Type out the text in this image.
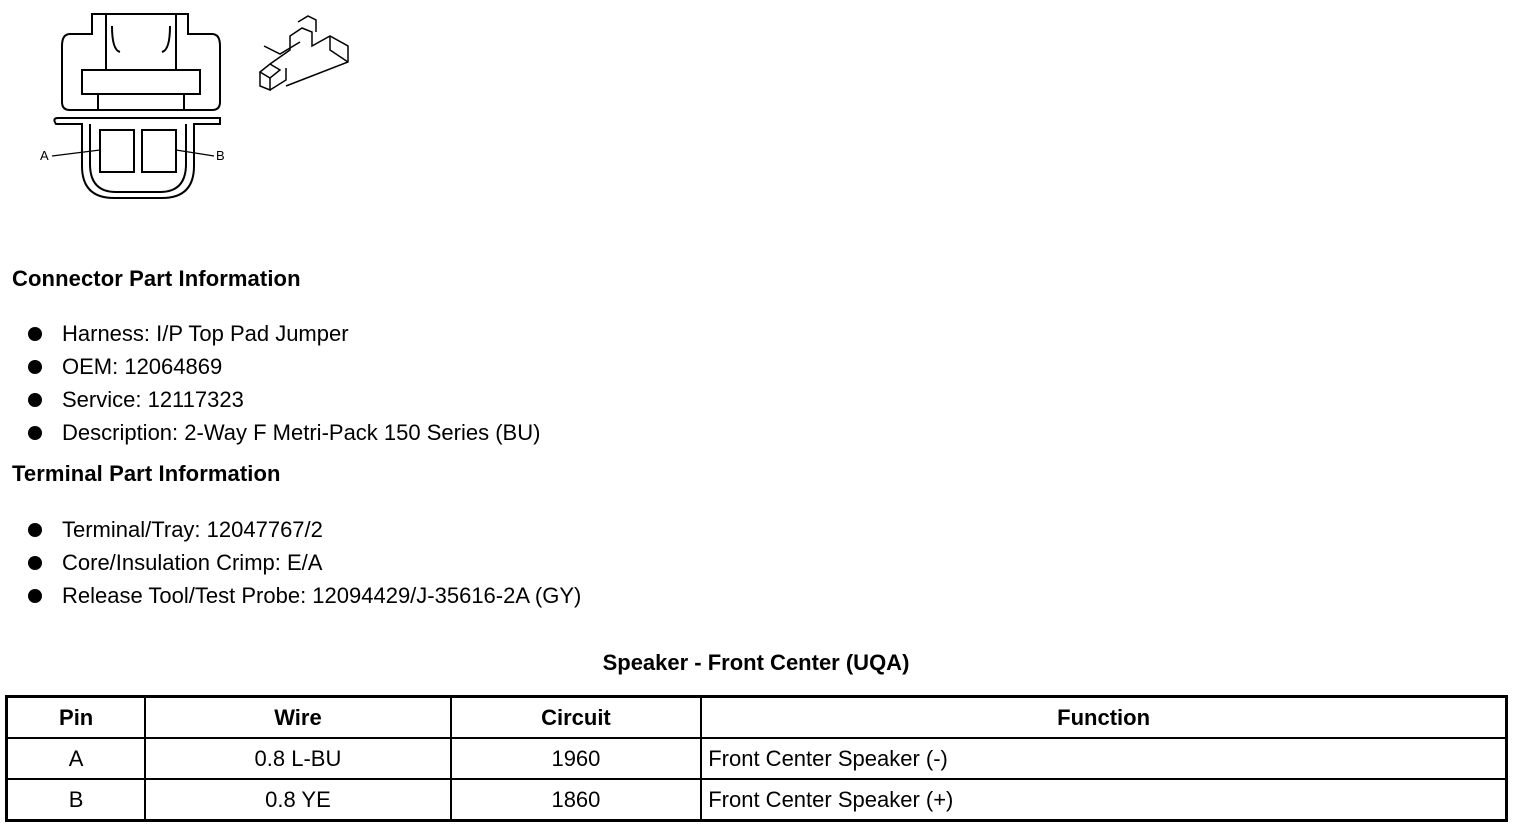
A	B
Connector Part Information
Harness: I/P Top Pad Jumper
OEM: 12064869
Service: 12117323
Description: 2-Way F Metri-Pack 150 Series (BU)
Terminal Part Information
Terminal/Tray: 12047767/2
Core/Insulation Crimp: E/A
Release Tool/Test Probe: 12094429/J-35616-2A (GY)
Speaker - Front Center (UQA)
Pin	Wire	Circuit	Function
A	0.8 L-BU	1960	Front Center Speaker (-)
B	0.8 YE	1860	Front Center Speaker (+)
